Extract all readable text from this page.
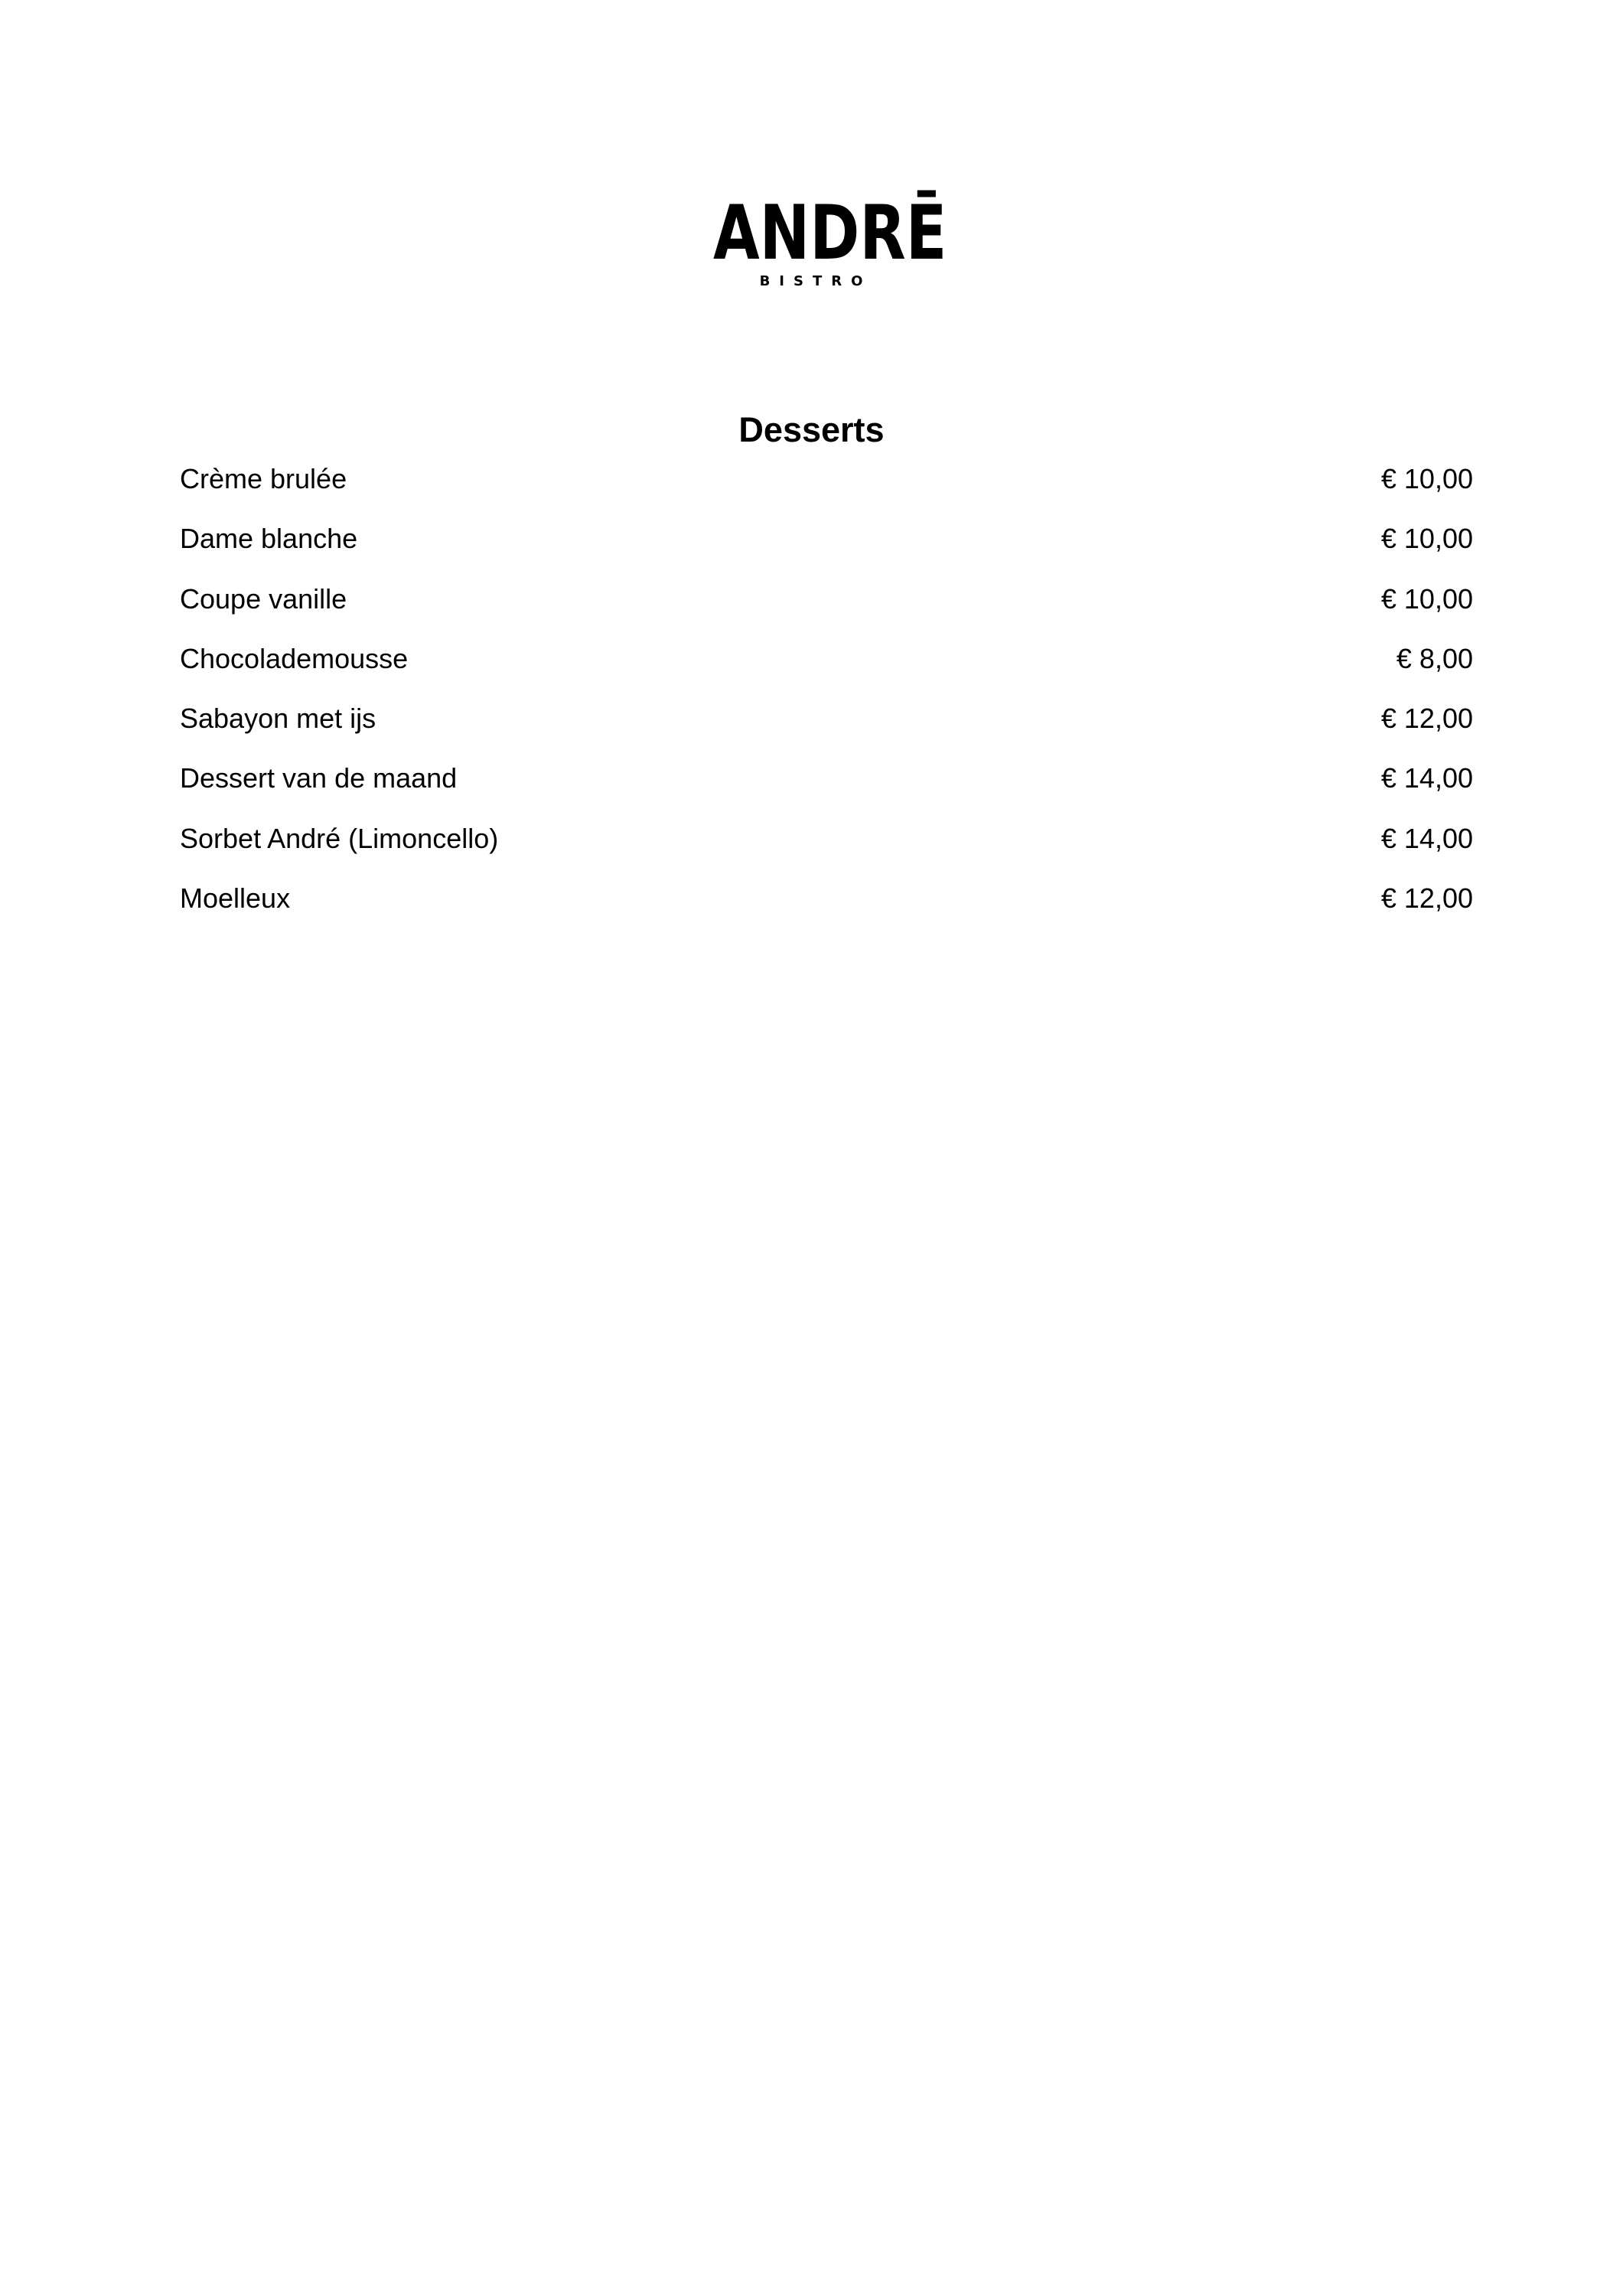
ANDRĒ
BISTRO
Desserts
Crème brulée	€ 10,00
Dame blanche	€ 10,00
Coupe vanille	€ 10,00
Chocolademousse	€ 8,00
Sabayon met ijs	€ 12,00
Dessert van de maand	€ 14,00
Sorbet André (Limoncello)	€ 14,00
Moelleux	€ 12,00
